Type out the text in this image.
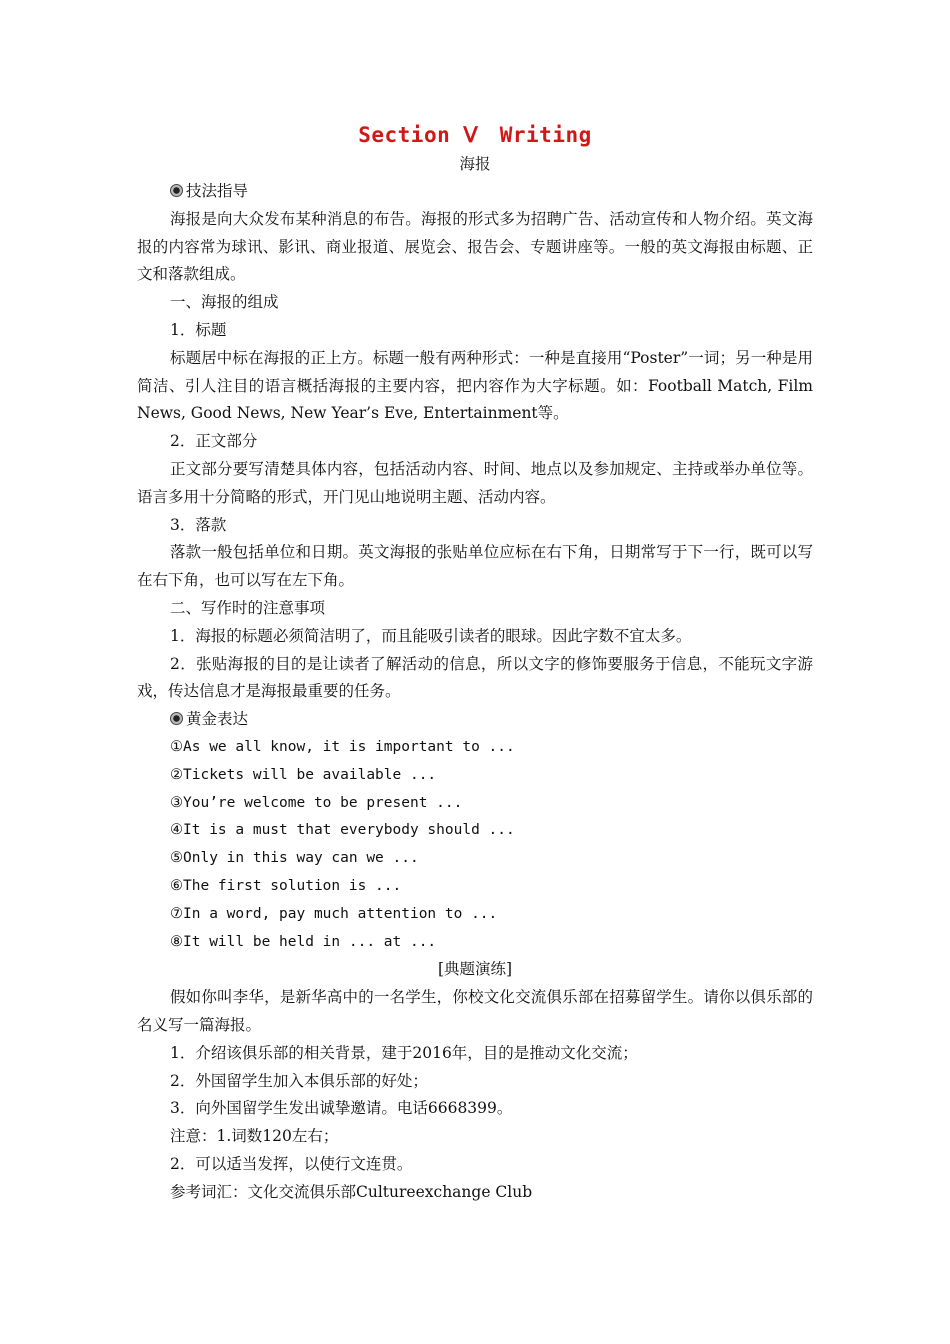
Section Ⅴ　Writing
海报
技法指导
海报是向大众发布某种消息的布告。海报的形式多为招聘广告、活动宣传和人物介绍。英文海报的内容常为球讯、影讯、商业报道、展览会、报告会、专题讲座等。一般的英文海报由标题、正文和落款组成。
一、海报的组成
1．标题
标题居中标在海报的正上方。标题一般有两种形式：一种是直接用“Poster”一词；另一种是用简洁、引人注目的语言概括海报的主要内容，把内容作为大字标题。如：Football Match, Film News, Good News, New Year’s Eve, Entertainment等。
2．正文部分
正文部分要写清楚具体内容，包括活动内容、时间、地点以及参加规定、主持或举办单位等。语言多用十分简略的形式，开门见山地说明主题、活动内容。
3．落款
落款一般包括单位和日期。英文海报的张贴单位应标在右下角，日期常写于下一行，既可以写在右下角，也可以写在左下角。
二、写作时的注意事项
1．海报的标题必须简洁明了，而且能吸引读者的眼球。因此字数不宜太多。
2．张贴海报的目的是让读者了解活动的信息，所以文字的修饰要服务于信息，不能玩文字游戏，传达信息才是海报最重要的任务。
黄金表达
①As we all know, it is important to ...
②Tickets will be available ...
③You’re welcome to be present ...
④It is a must that everybody should ...
⑤Only in this way can we ...
⑥The first solution is ...
⑦In a word, pay much attention to ...
⑧It will be held in ... at ...
[典题演练]
假如你叫李华，是新华高中的一名学生，你校文化交流俱乐部在招募留学生。请你以俱乐部的名义写一篇海报。
1．介绍该俱乐部的相关背景，建于2016年，目的是推动文化交流；
2．外国留学生加入本俱乐部的好处；
3．向外国留学生发出诚挚邀请。电话6668399。
注意：1.词数120左右；
2．可以适当发挥，以使行文连贯。
参考词汇：文化交流俱乐部Cultureexchange Club
